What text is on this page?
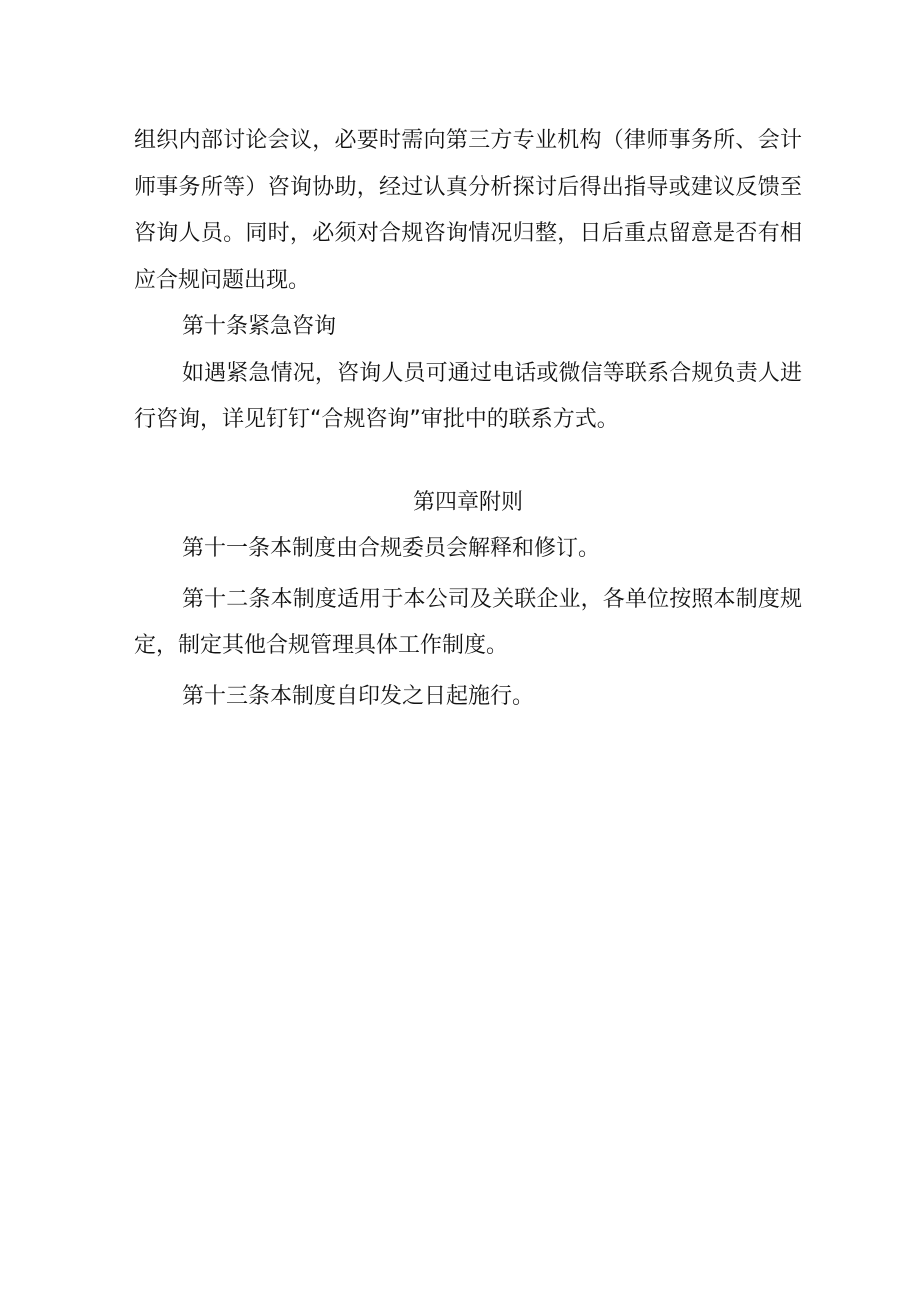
组织内部讨论会议，必要时需向第三方专业机构（律师事务所、会计师事务所等）咨询协助，经过认真分析探讨后得出指导或建议反馈至咨询人员。同时，必须对合规咨询情况归整，日后重点留意是否有相应合规问题出现。

第十条紧急咨询

如遇紧急情况，咨询人员可通过电话或微信等联系合规负责人进行咨询，详见钉钉“合规咨询”审批中的联系方式。

第四章附则

第十一条本制度由合规委员会解释和修订。

第十二条本制度适用于本公司及关联企业，各单位按照本制度规定，制定其他合规管理具体工作制度。

第十三条本制度自印发之日起施行。
